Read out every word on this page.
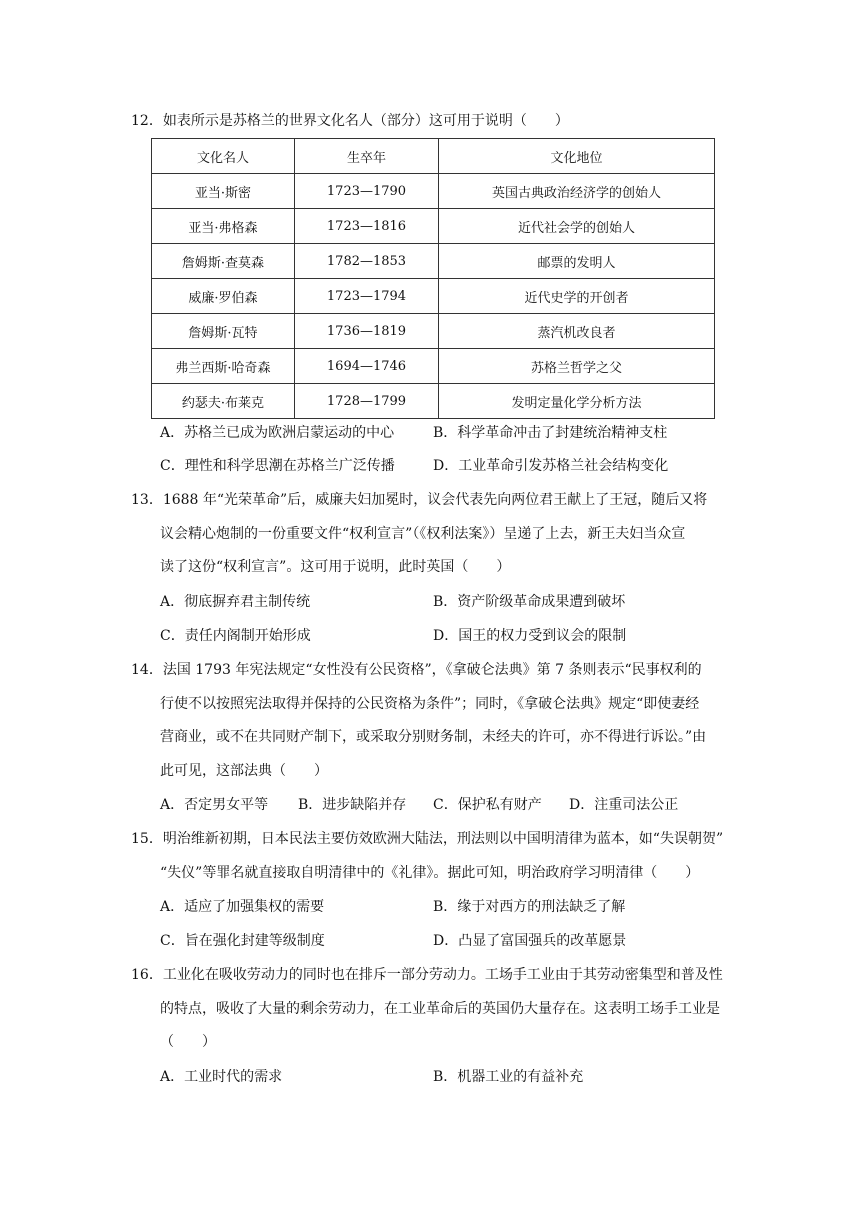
12．如表所示是苏格兰的世界文化名人（部分）这可用于说明（　　）
文化名人	生卒年	文化地位
亚当·斯密	1723—1790	英国古典政治经济学的创始人
亚当·弗格森	1723—1816	近代社会学的创始人
詹姆斯·查莫森	1782—1853	邮票的发明人
威廉·罗伯森	1723—1794	近代史学的开创者
詹姆斯·瓦特	1736—1819	蒸汽机改良者
弗兰西斯·哈奇森	1694—1746	苏格兰哲学之父
约瑟夫·布莱克	1728—1799	发明定量化学分析方法
A．苏格兰已成为欧洲启蒙运动的中心	B．科学革命冲击了封建统治精神支柱
C．理性和科学思潮在苏格兰广泛传播	D．工业革命引发苏格兰社会结构变化
13．1688 年“光荣革命”后，威廉夫妇加冕时，议会代表先向两位君王献上了王冠，随后又将
议会精心炮制的一份重要文件“权利宣言”（《权利法案》）呈递了上去，新王夫妇当众宣
读了这份“权利宣言”。这可用于说明，此时英国（　　）
A．彻底摒弃君主制传统	B．资产阶级革命成果遭到破坏
C．责任内阁制开始形成	D．国王的权力受到议会的限制
14．法国 1793 年宪法规定“女性没有公民资格”，《拿破仑法典》第 7 条则表示“民事权利的
行使不以按照宪法取得并保持的公民资格为条件”；同时，《拿破仑法典》规定“即使妻经
营商业，或不在共同财产制下，或采取分别财务制，未经夫的许可，亦不得进行诉讼。”由
此可见，这部法典（　　）
A．否定男女平等 B．进步缺陷并存 C．保护私有财产 D．注重司法公正
15．明治维新初期，日本民法主要仿效欧洲大陆法，刑法则以中国明清律为蓝本，如“失误朝贺”
“失仪”等罪名就直接取自明清律中的《礼律》。据此可知，明治政府学习明清律（　　）
A．适应了加强集权的需要	B．缘于对西方的刑法缺乏了解
C．旨在强化封建等级制度	D．凸显了富国强兵的改革愿景
16．工业化在吸收劳动力的同时也在排斥一部分劳动力。工场手工业由于其劳动密集型和普及性
的特点，吸收了大量的剩余劳动力，在工业革命后的英国仍大量存在。这表明工场手工业是
（　　）
A．工业时代的需求	B．机器工业的有益补充
